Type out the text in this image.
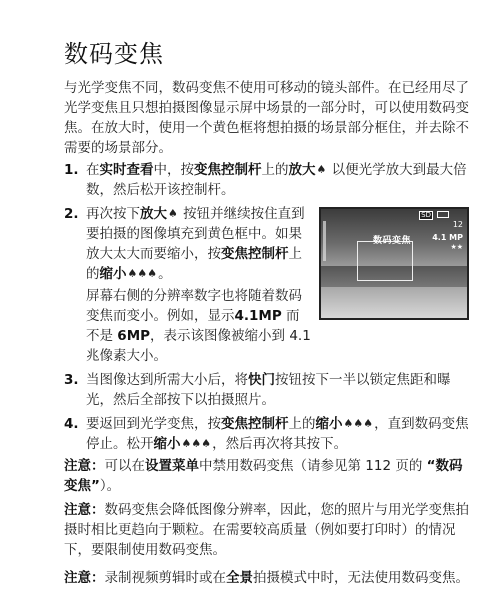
数码变焦
与光学变焦不同，数码变焦不使用可移动的镜头部件。在已经用尽了光学变焦且只想拍摄图像显示屏中场景的一部分时，可以使用数码变焦。在放大时，使用一个黄色框将想拍摄的场景部分框住，并去除不需要的场景部分。
1. 在实时查看中，按变焦控制杆上的放大♠ 以便光学放大到最大倍数，然后松开该控制杆。
2. 再次按下放大♠ 按钮并继续按住直到要拍摄的图像填充到黄色框中。如果放大太大而要缩小，按变焦控制杆上的缩小♠♠♠。
屏幕右侧的分辨率数字也将随着数码变焦而变小。例如，显示4.1MP 而不是 6MP，表示该图像被缩小到 4.1 兆像素大小。
SD
12
数码变焦	4.1 MP
★★
3. 当图像达到所需大小后，将快门按钮按下一半以锁定焦距和曝光，然后全部按下以拍摄照片。
4. 要返回到光学变焦，按变焦控制杆上的缩小♠♠♠，直到数码变焦停止。松开缩小♠♠♠，然后再次将其按下。
注意：可以在设置菜单中禁用数码变焦（请参见第 112 页的 “数码变焦”）。
注意：数码变焦会降低图像分辨率，因此，您的照片与用光学变焦拍摄时相比更趋向于颗粒。在需要较高质量（例如要打印时）的情况下，要限制使用数码变焦。
注意：录制视频剪辑时或在全景拍摄模式中时，无法使用数码变焦。
